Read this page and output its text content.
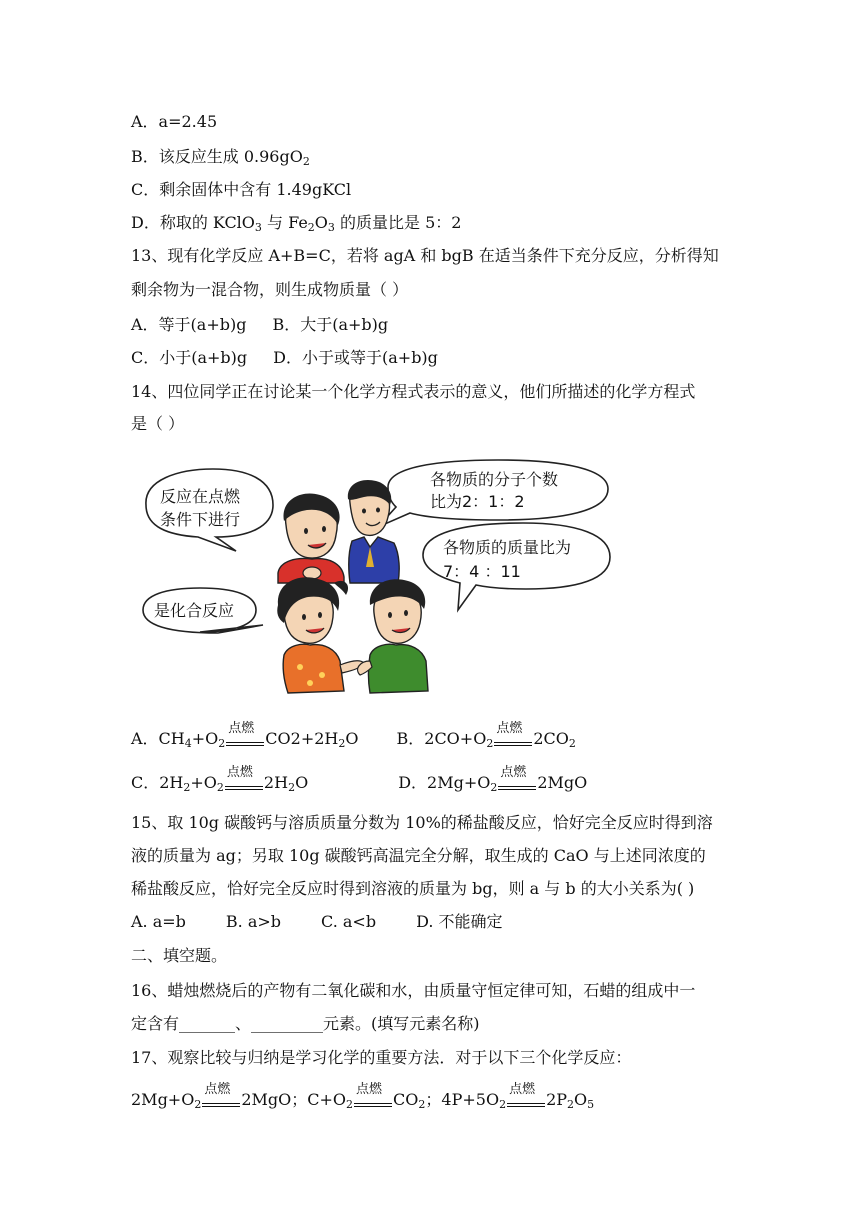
A．a=2.45
B．该反应生成 $0.96gO_2$
C．剩余固体中含有 1.49gKCl
D．称取的 KClO$_3$ 与 $Fe_2O_3$ 的质量比是 5：2
13、现有化学反应 A+B=C，若将 agA 和 bgB 在适当条件下充分反应，分析得知
剩余物为一混合物，则生成物质量（ ）
A．等于(a+b)g B．大于(a+b)g
C．小于(a+b)g D．小于或等于(a+b)g
14、四位同学正在讨论某一个化学方程式表示的意义，他们所描述的化学方程式
是（ ）
反应在点燃
条件下进行
各物质的分子个数
比为2：1：2
各物质的质量比为
7：4 ：11
是化合反应
A．$CH_4+O_2$
点燃
$CO2+2H_2O$ B．$2CO+O_2$
点燃
$2CO_2$
C．$2H_2+O_2$
点燃
$2H_2O$	D．$2Mg+O_2$
点燃
2MgO
15、取 10g 碳酸钙与溶质质量分数为 10%的稀盐酸反应，恰好完全反应时得到溶
液的质量为 ag；另取 10g 碳酸钙高温完全分解，取生成的 CaO 与上述同浓度的
稀盐酸反应，恰好完全反应时得到溶液的质量为 bg，则 a 与 b 的大小关系为( )
A. a=b	B. a>b	C. a<b	D. 不能确定
二、填空题。
16、蜡烛燃烧后的产物有二氧化碳和水，由质量守恒定律可知，石蜡的组成中一
定含有_______、_________元素。(填写元素名称)
17、观察比较与归纳是学习化学的重要方法．对于以下三个化学反应：
$2Mg+O_2$
点燃
2MgO；$C+O_2$
点燃
$CO_2$；$4P+5O_2$
点燃
$2P_2O_5$
